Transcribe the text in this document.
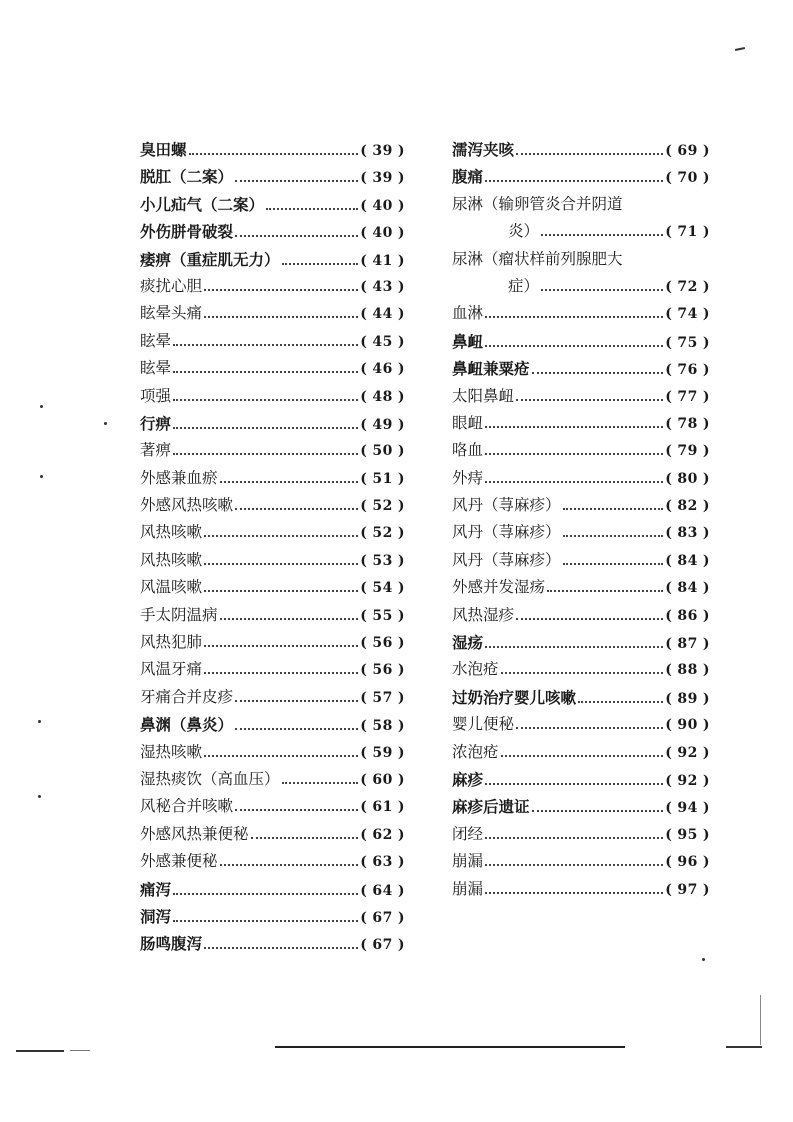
臭田螺	( 39 )
脱肛（二案）	( 39 )
小儿疝气（二案）	( 40 )
外伤胼骨破裂	( 40 )
痿痹（重症肌无力）	( 41 )
痰扰心胆	( 43 )
眩晕头痛	( 44 )
眩晕	( 45 )
眩晕	( 46 )
项强	( 48 )
行痹	( 49 )
著痹	( 50 )
外感兼血瘀	( 51 )
外感风热咳嗽	( 52 )
风热咳嗽	( 52 )
风热咳嗽	( 53 )
风温咳嗽	( 54 )
手太阴温病	( 55 )
风热犯肺	( 56 )
风温牙痛	( 56 )
牙痛合并皮疹	( 57 )
鼻渊（鼻炎）	( 58 )
湿热咳嗽	( 59 )
湿热痰饮（高血压）	( 60 )
风秘合并咳嗽	( 61 )
外感风热兼便秘	( 62 )
外感兼便秘	( 63 )
痛泻	( 64 )
洞泻	( 67 )
肠鸣腹泻	( 67 )
濡泻夹咳	( 69 )
腹痛	( 70 )
尿淋（输卵管炎合并阴道
炎）	( 71 )
尿淋（瘤状样前列腺肥大
症）	( 72 )
血淋	( 74 )
鼻衄	( 75 )
鼻衄兼粟疮	( 76 )
太阳鼻衄	( 77 )
眼衄	( 78 )
咯血	( 79 )
外痔	( 80 )
风丹（荨麻疹）	( 82 )
风丹（荨麻疹）	( 83 )
风丹（荨麻疹）	( 84 )
外感并发湿疡	( 84 )
风热湿疹	( 86 )
湿疡	( 87 )
水泡疮	( 88 )
过奶治疗婴儿咳嗽	( 89 )
婴儿便秘	( 90 )
浓泡疮	( 92 )
麻疹	( 92 )
麻疹后遗证	( 94 )
闭经	( 95 )
崩漏	( 96 )
崩漏	( 97 )
